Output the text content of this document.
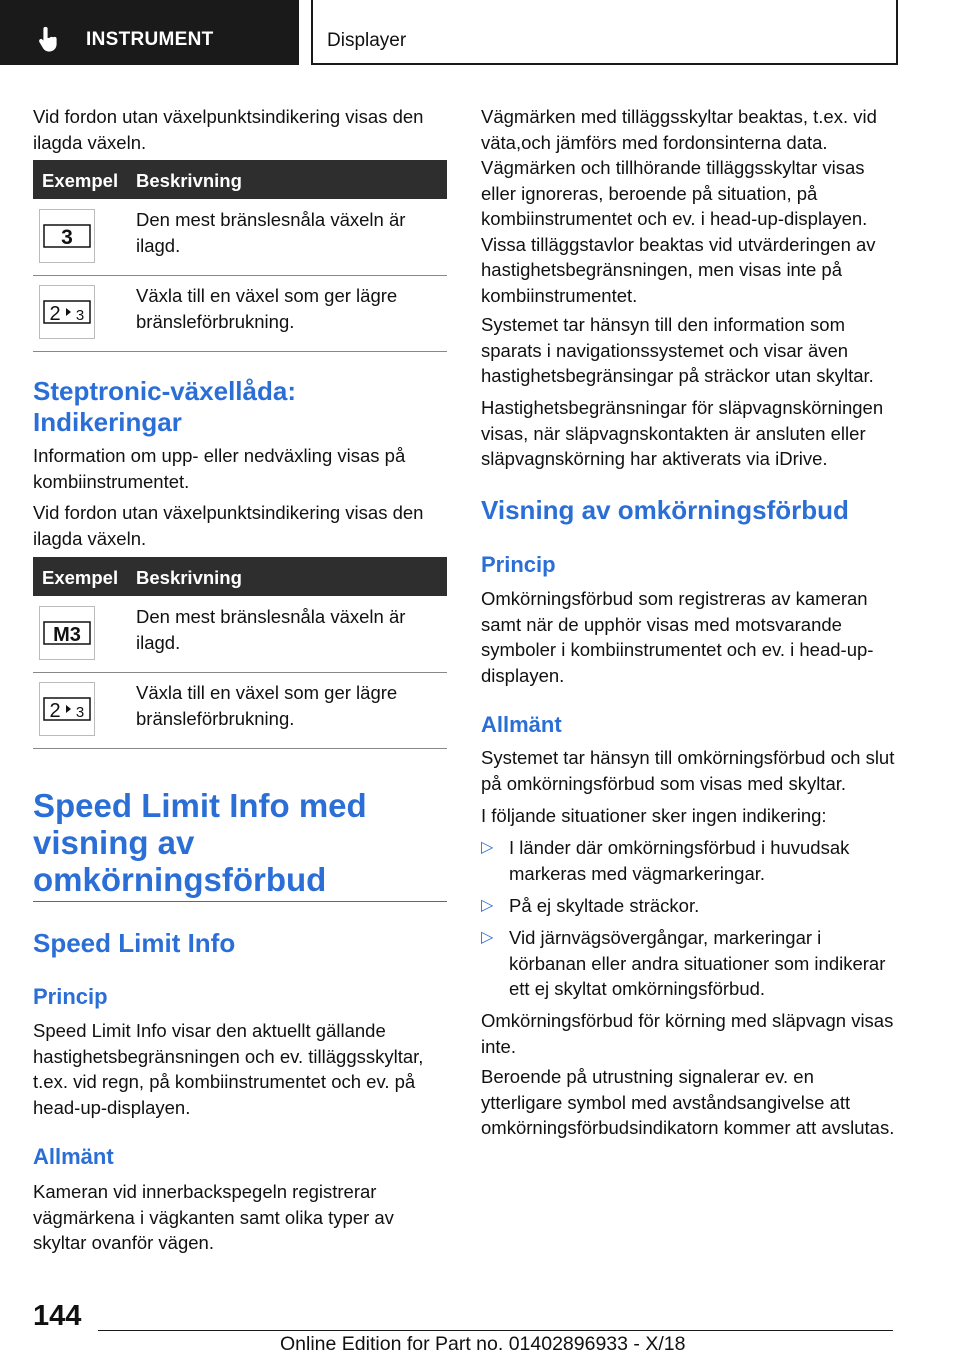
INSTRUMENT	Displayer

Vid fordon utan växelpunktsindikering visas den ilagda växeln.

Exempel Beskrivning
3
Den mest bränslesnåla växeln är ilagd.
2 3
Växla till en växel som ger lägre bränsleförbrukning.
Steptronic-växellåda: Indikeringar

Information om upp- eller nedväxling visas på kombiinstrumentet.

Vid fordon utan växelpunktsindikering visas den ilagda växeln.

Exempel Beskrivning
M3
Den mest bränslesnåla växeln är ilagd.
2 3
Växla till en växel som ger lägre bränsleförbrukning.
Speed Limit Info med visning av omkörningsförbud
Speed Limit Info
Princip

Speed Limit Info visar den aktuellt gällande hastighetsbegränsningen och ev. tilläggsskyltar, t.ex. vid regn, på kombiinstrumentet och ev. på head-up-displayen.

Allmänt

Kameran vid innerbackspegeln registrerar vägmärkena i vägkanten samt olika typer av skyltar ovanför vägen.

Vägmärken med tilläggsskyltar beaktas, t.ex. vid väta,och jämförs med fordonsinterna data. Vägmärken och tillhörande tilläggsskyltar visas eller ignoreras, beroende på situation, på kombiinstrumentet och ev. i head-up-displayen. Vissa tilläggstavlor beaktas vid utvärderingen av hastighetsbegränsningen, men visas inte på kombiinstrumentet.

Systemet tar hänsyn till den information som sparats i navigationssystemet och visar även hastighetsbegränsingar på sträckor utan skyltar.

Hastighetsbegränsningar för släpvagnskörningen visas, när släpvagnskontakten är ansluten eller släpvagnskörning har aktiverats via iDrive.

Visning av omkörningsförbud
Princip

Omkörningsförbud som registreras av kameran samt när de upphör visas med motsvarande symboler i kombiinstrumentet och ev. i head-up-displayen.

Allmänt

Systemet tar hänsyn till omkörningsförbud och slut på omkörningsförbud som visas med skyltar.

I följande situationer sker ingen indikering:

▷ I länder där omkörningsförbud i huvudsak markeras med vägmarkeringar.
▷ På ej skyltade sträckor.
▷ Vid järnvägsövergångar, markeringar i körbanan eller andra situationer som indikerar ett ej skyltat omkörningsförbud.

Omkörningsförbud för körning med släpvagn visas inte.

Beroende på utrustning signalerar ev. en ytterligare symbol med avståndsangivelse att omkörningsförbudsindikatorn kommer att avslutas.

144
Online Edition for Part no. 01402896933 - X/18
